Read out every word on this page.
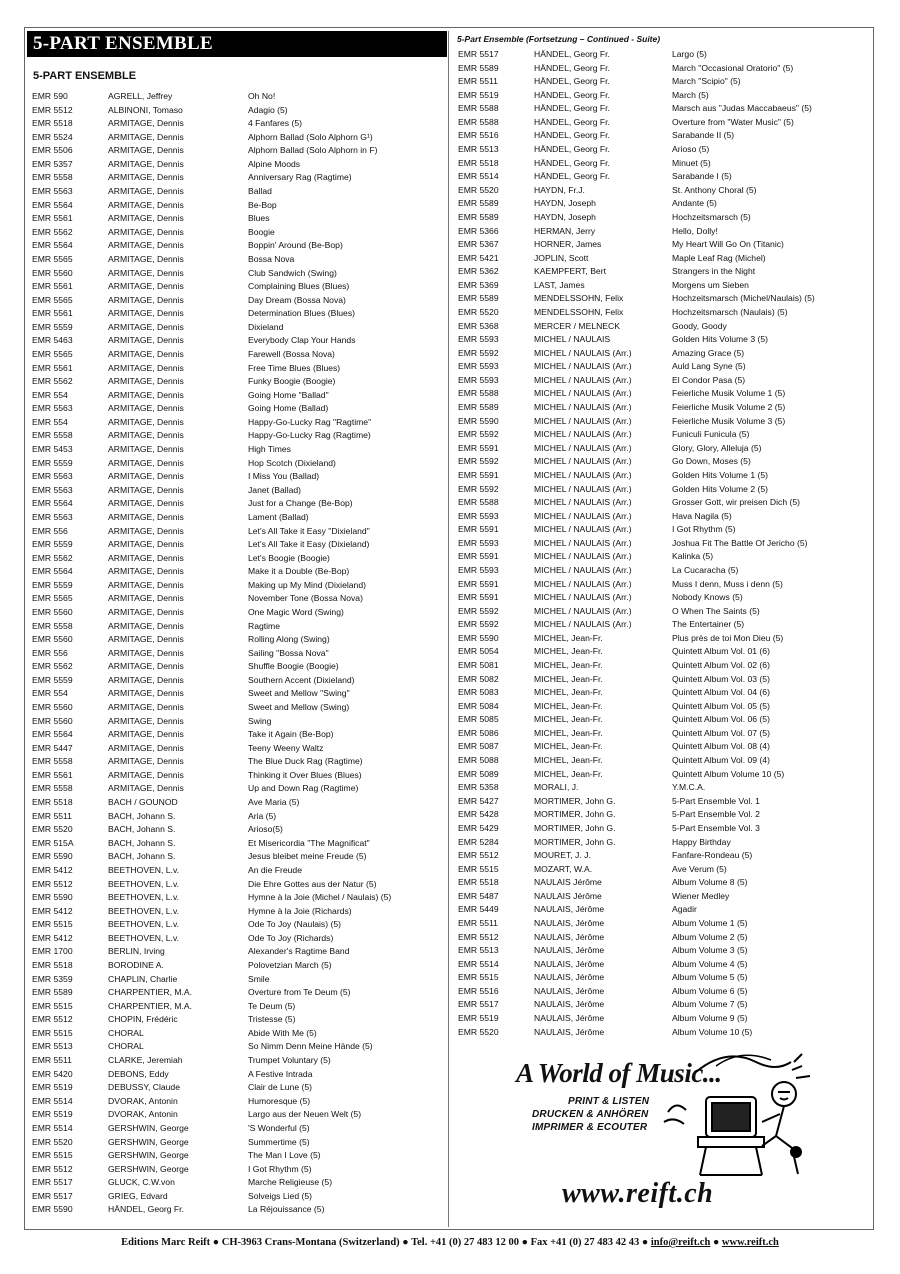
5-PART ENSEMBLE
5-PART ENSEMBLE
5-Part Ensemble (Fortsetzung – Continued - Suite)
EMR 590	AGRELL, Jeffrey	Oh No!
EMR 5512	ALBINONI, Tomaso	Adagio (5)
EMR 5518	ARMITAGE, Dennis	4 Fanfares (5)
EMR 5524	ARMITAGE, Dennis	Alphorn Ballad (Solo Alphorn G¹)
EMR 5506	ARMITAGE, Dennis	Alphorn Ballad (Solo Alphorn in F)
EMR 5357	ARMITAGE, Dennis	Alpine Moods
EMR 5558	ARMITAGE, Dennis	Anniversary Rag (Ragtime)
EMR 5563	ARMITAGE, Dennis	Ballad
EMR 5564	ARMITAGE, Dennis	Be-Bop
EMR 5561	ARMITAGE, Dennis	Blues
EMR 5562	ARMITAGE, Dennis	Boogie
EMR 5564	ARMITAGE, Dennis	Boppin' Around (Be-Bop)
EMR 5565	ARMITAGE, Dennis	Bossa Nova
EMR 5560	ARMITAGE, Dennis	Club Sandwich (Swing)
EMR 5561	ARMITAGE, Dennis	Complaining Blues (Blues)
EMR 5565	ARMITAGE, Dennis	Day Dream (Bossa Nova)
EMR 5561	ARMITAGE, Dennis	Determination Blues (Blues)
EMR 5559	ARMITAGE, Dennis	Dixieland
EMR 5463	ARMITAGE, Dennis	Everybody Clap Your Hands
EMR 5565	ARMITAGE, Dennis	Farewell (Bossa Nova)
EMR 5561	ARMITAGE, Dennis	Free Time Blues (Blues)
EMR 5562	ARMITAGE, Dennis	Funky Boogie (Boogie)
EMR 554	ARMITAGE, Dennis	Going Home "Ballad"
EMR 5563	ARMITAGE, Dennis	Going Home (Ballad)
EMR 554	ARMITAGE, Dennis	Happy-Go-Lucky Rag "Ragtime"
EMR 5558	ARMITAGE, Dennis	Happy-Go-Lucky Rag (Ragtime)
EMR 5453	ARMITAGE, Dennis	High Times
EMR 5559	ARMITAGE, Dennis	Hop Scotch (Dixieland)
EMR 5563	ARMITAGE, Dennis	I Miss You (Ballad)
EMR 5563	ARMITAGE, Dennis	Janet (Ballad)
EMR 5564	ARMITAGE, Dennis	Just for a Change (Be-Bop)
EMR 5563	ARMITAGE, Dennis	Lament (Ballad)
EMR 556	ARMITAGE, Dennis	Let's All Take it Easy "Dixieland"
EMR 5559	ARMITAGE, Dennis	Let's All Take it Easy (Dixieland)
EMR 5562	ARMITAGE, Dennis	Let's Boogie (Boogie)
EMR 5564	ARMITAGE, Dennis	Make it a Double (Be-Bop)
EMR 5559	ARMITAGE, Dennis	Making up My Mind (Dixieland)
EMR 5565	ARMITAGE, Dennis	November Tone (Bossa Nova)
EMR 5560	ARMITAGE, Dennis	One Magic Word (Swing)
EMR 5558	ARMITAGE, Dennis	Ragtime
EMR 5560	ARMITAGE, Dennis	Rolling Along (Swing)
EMR 556	ARMITAGE, Dennis	Sailing "Bossa Nova"
EMR 5562	ARMITAGE, Dennis	Shuffle Boogie (Boogie)
EMR 5559	ARMITAGE, Dennis	Southern Accent (Dixieland)
EMR 554	ARMITAGE, Dennis	Sweet and Mellow "Swing"
EMR 5560	ARMITAGE, Dennis	Sweet and Mellow (Swing)
EMR 5560	ARMITAGE, Dennis	Swing
EMR 5564	ARMITAGE, Dennis	Take it Again (Be-Bop)
EMR 5447	ARMITAGE, Dennis	Teeny Weeny Waltz
EMR 5558	ARMITAGE, Dennis	The Blue Duck Rag (Ragtime)
EMR 5561	ARMITAGE, Dennis	Thinking it Over Blues (Blues)
EMR 5558	ARMITAGE, Dennis	Up and Down Rag (Ragtime)
EMR 5518	BACH / GOUNOD	Ave Maria (5)
EMR 5511	BACH, Johann S.	Aria (5)
EMR 5520	BACH, Johann S.	Arioso(5)
EMR 515A	BACH, Johann S.	Et Misericordia "The Magnificat"
EMR 5590	BACH, Johann S.	Jesus bleibet meine Freude (5)
EMR 5412	BEETHOVEN, L.v.	An die Freude
EMR 5512	BEETHOVEN, L.v.	Die Ehre Gottes aus der Natur (5)
EMR 5590	BEETHOVEN, L.v.	Hymne à la Joie (Michel / Naulais) (5)
EMR 5412	BEETHOVEN, L.v.	Hymne à la Joie (Richards)
EMR 5515	BEETHOVEN, L.v.	Ode To Joy (Naulais) (5)
EMR 5412	BEETHOVEN, L.v.	Ode To Joy (Richards)
EMR 1700	BERLIN, Irving	Alexander's Ragtime Band
EMR 5518	BORODINE A.	Polovetzian March (5)
EMR 5359	CHAPLIN, Charlie	Smile
EMR 5589	CHARPENTIER, M.A.	Overture from Te Deum (5)
EMR 5515	CHARPENTIER, M.A.	Te Deum (5)
EMR 5512	CHOPIN, Frédéric	Tristesse (5)
EMR 5515	CHORAL	Abide With Me (5)
EMR 5513	CHORAL	So Nimm Denn Meine Hände (5)
EMR 5511	CLARKE, Jeremiah	Trumpet Voluntary (5)
EMR 5420	DEBONS, Eddy	A Festive Intrada
EMR 5519	DEBUSSY, Claude	Clair de Lune (5)
EMR 5514	DVORAK, Antonin	Humoresque (5)
EMR 5519	DVORAK, Antonin	Largo aus der Neuen Welt (5)
EMR 5514	GERSHWIN, George	'S Wonderful (5)
EMR 5520	GERSHWIN, George	Summertime (5)
EMR 5515	GERSHWIN, George	The Man I Love (5)
EMR 5512	GERSHWIN, George	I Got Rhythm (5)
EMR 5517	GLUCK, C.W.von	Marche Religieuse (5)
EMR 5517	GRIEG, Edvard	Solveigs Lied (5)
EMR 5590	HÄNDEL, Georg Fr.	La Réjouissance (5)
EMR 5517	HÄNDEL, Georg Fr.	Largo (5)
EMR 5589	HÄNDEL, Georg Fr.	March "Occasional Oratorio" (5)
EMR 5511	HÄNDEL, Georg Fr.	March "Scipio" (5)
EMR 5519	HÄNDEL, Georg Fr.	March (5)
EMR 5588	HÄNDEL, Georg Fr.	Marsch aus "Judas Maccabaeus" (5)
EMR 5588	HÄNDEL, Georg Fr.	Overture from "Water Music" (5)
EMR 5516	HÄNDEL, Georg Fr.	Sarabande II (5)
EMR 5513	HÄNDEL, Georg Fr.	Arioso (5)
EMR 5518	HÄNDEL, Georg Fr.	Minuet (5)
EMR 5514	HÄNDEL, Georg Fr.	Sarabande I (5)
EMR 5520	HAYDN, Fr.J.	St. Anthony Choral (5)
EMR 5589	HAYDN, Joseph	Andante (5)
EMR 5589	HAYDN, Joseph	Hochzeitsmarsch (5)
EMR 5366	HERMAN, Jerry	Hello, Dolly!
EMR 5367	HORNER, James	My Heart Will Go On (Titanic)
EMR 5421	JOPLIN, Scott	Maple Leaf Rag (Michel)
EMR 5362	KAEMPFERT, Bert	Strangers in the Night
EMR 5369	LAST, James	Morgens um Sieben
EMR 5589	MENDELSSOHN, Felix	Hochzeitsmarsch (Michel/Naulais) (5)
EMR 5520	MENDELSSOHN, Felix	Hochzeitsmarsch (Naulais) (5)
EMR 5368	MERCER / MELNECK	Goody, Goody
EMR 5593	MICHEL / NAULAIS	Golden Hits Volume 3 (5)
EMR 5592	MICHEL / NAULAIS (Arr.)	Amazing Grace (5)
EMR 5593	MICHEL / NAULAIS (Arr.)	Auld Lang Syne (5)
EMR 5593	MICHEL / NAULAIS (Arr.)	El Condor Pasa (5)
EMR 5588	MICHEL / NAULAIS (Arr.)	Feierliche Musik Volume 1 (5)
EMR 5589	MICHEL / NAULAIS (Arr.)	Feierliche Musik Volume 2 (5)
EMR 5590	MICHEL / NAULAIS (Arr.)	Feierliche Musik Volume 3 (5)
EMR 5592	MICHEL / NAULAIS (Arr.)	Funiculi Funicula (5)
EMR 5591	MICHEL / NAULAIS (Arr.)	Glory, Glory, Alleluja (5)
EMR 5592	MICHEL / NAULAIS (Arr.)	Go Down, Moses (5)
EMR 5591	MICHEL / NAULAIS (Arr.)	Golden Hits Volume 1 (5)
EMR 5592	MICHEL / NAULAIS (Arr.)	Golden Hits Volume 2 (5)
EMR 5588	MICHEL / NAULAIS (Arr.)	Grosser Gott, wir preisen Dich (5)
EMR 5593	MICHEL / NAULAIS (Arr.)	Hava Nagila (5)
EMR 5591	MICHEL / NAULAIS (Arr.)	I Got Rhythm (5)
EMR 5593	MICHEL / NAULAIS (Arr.)	Joshua Fit The Battle Of Jericho (5)
EMR 5591	MICHEL / NAULAIS (Arr.)	Kalinka (5)
EMR 5593	MICHEL / NAULAIS (Arr.)	La Cucaracha (5)
EMR 5591	MICHEL / NAULAIS (Arr.)	Muss I denn, Muss i denn (5)
EMR 5591	MICHEL / NAULAIS (Arr.)	Nobody Knows (5)
EMR 5592	MICHEL / NAULAIS (Arr.)	O When The Saints (5)
EMR 5592	MICHEL / NAULAIS (Arr.)	The Entertainer (5)
EMR 5590	MICHEL, Jean-Fr.	Plus près de toi Mon Dieu (5)
EMR 5054	MICHEL, Jean-Fr.	Quintett Album Vol. 01 (6)
EMR 5081	MICHEL, Jean-Fr.	Quintett Album Vol. 02 (6)
EMR 5082	MICHEL, Jean-Fr.	Quintett Album Vol. 03 (5)
EMR 5083	MICHEL, Jean-Fr.	Quintett Album Vol. 04 (6)
EMR 5084	MICHEL, Jean-Fr.	Quintett Album Vol. 05 (5)
EMR 5085	MICHEL, Jean-Fr.	Quintett Album Vol. 06 (5)
EMR 5086	MICHEL, Jean-Fr.	Quintett Album Vol. 07 (5)
EMR 5087	MICHEL, Jean-Fr.	Quintett Album Vol. 08 (4)
EMR 5088	MICHEL, Jean-Fr.	Quintett Album Vol. 09 (4)
EMR 5089	MICHEL, Jean-Fr.	Quintett Album Volume 10 (5)
EMR 5358	MORALI, J.	Y.M.C.A.
EMR 5427	MORTIMER, John G.	5-Part Ensemble Vol. 1
EMR 5428	MORTIMER, John G.	5-Part Ensemble Vol. 2
EMR 5429	MORTIMER, John G.	5-Part Ensemble Vol. 3
EMR 5284	MORTIMER, John G.	Happy Birthday
EMR 5512	MOURET, J. J.	Fanfare-Rondeau (5)
EMR 5515	MOZART, W.A.	Ave Verum (5)
EMR 5518	NAULAIS Jérôme	Album Volume 8 (5)
EMR 5487	NAULAIS Jérôme	Wiener Medley
EMR 5449	NAULAIS, Jérôme	Agadir
EMR 5511	NAULAIS, Jérôme	Album Volume 1 (5)
EMR 5512	NAULAIS, Jérôme	Album Volume 2 (5)
EMR 5513	NAULAIS, Jérôme	Album Volume 3 (5)
EMR 5514	NAULAIS, Jérôme	Album Volume 4 (5)
EMR 5515	NAULAIS, Jérôme	Album Volume 5 (5)
EMR 5516	NAULAIS, Jérôme	Album Volume 6 (5)
EMR 5517	NAULAIS, Jérôme	Album Volume 7 (5)
EMR 5519	NAULAIS, Jérôme	Album Volume 9 (5)
EMR 5520	NAULAIS, Jérôme	Album Volume 10 (5)
A World of Music...
PRINT & LISTEN
DRUCKEN & ANHÖREN
IMPRIMER & ECOUTER
www.reift.ch
Editions Marc Reift ● CH-3963 Crans-Montana (Switzerland) ● Tel. +41 (0) 27 483 12 00 ● Fax +41 (0) 27 483 42 43 ● info@reift.ch ● www.reift.ch
